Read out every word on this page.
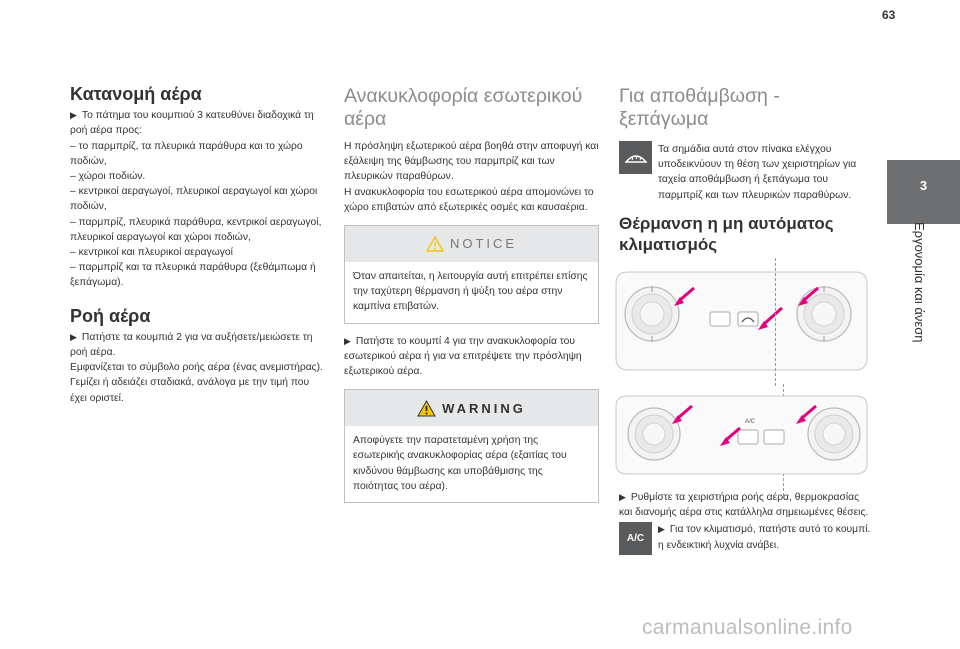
63
3
Εργονομία και άνεση
Κατανομή αέρα

▶ Το πάτημα του κουμπιού 3 κατευθύνει διαδοχικά τη ροή αέρα προς:

– το παρμπρίζ, τα πλευρικά παράθυρα και το χώρο ποδιών,

– χώροι ποδιών.

– κεντρικοί αεραγωγοί, πλευρικοί αεραγωγοί και χώροι ποδιών,

– παρμπρίζ, πλευρικά παράθυρα, κεντρικοί αεραγωγοί, πλευρικοί αεραγωγοί και χώροι ποδιών,

– κεντρικοί και πλευρικοί αεραγωγοί

– παρμπρίζ και τα πλευρικά παράθυρα (ξεθάμπωμα ή ξεπάγωμα).

Ροή αέρα

▶ Πατήστε τα κουμπιά 2 για να αυξήσετε/μειώσετε τη ροή αέρα.

Εμφανίζεται το σύμβολο ροής αέρα (ένας ανεμιστήρας). Γεμίζει ή αδειάζει σταδιακά, ανάλογα με την τιμή που έχει οριστεί.

Ανακυκλοφορία εσωτερικού αέρα

Η πρόσληψη εξωτερικού αέρα βοηθά στην αποφυγή και εξάλειψη της θάμβωσης του παρμπρίζ και των πλευρικών παραθύρων.

Η ανακυκλοφορία του εσωτερικού αέρα απομονώνει το χώρο επιβατών από εξωτερικές οσμές και καυσαέρια.

NOTICE
Όταν απαιτείται, η λειτουργία αυτή επιτρέπει επίσης την ταχύτερη θέρμανση ή ψύξη του αέρα στην καμπίνα επιβατών.

▶ Πατήστε το κουμπί 4 για την ανακυκλοφορία του εσωτερικού αέρα ή για να επιτρέψετε την πρόσληψη εξωτερικού αέρα.

WARNING
Αποφύγετε την παρατεταμένη χρήση της εσωτερικής ανακυκλοφορίας αέρα (εξαιτίας του κινδύνου θάμβωσης και υποβάθμισης της ποιότητας του αέρα).
Για αποθάμβωση - ξεπάγωμα

Τα σημάδια αυτά στον πίνακα ελέγχου υποδεικνύουν τη θέση των χειριστηρίων για ταχεία αποθάμβωση ή ξεπάγωμα του παρμπρίζ και των πλευρικών παραθύρων.

Θέρμανση η μη αυτόματος κλιματισμός
A/C

▶ Ρυθμίστε τα χειριστήρια ροής αέρα, θερμοκρασίας και διανομής αέρα στις κατάλληλα σημειωμένες θέσεις.

A/C

▶ Για τον κλιματισμό, πατήστε αυτό το κουμπί. η ενδεικτική λυχνία ανάβει.

carmanualsonline.info
